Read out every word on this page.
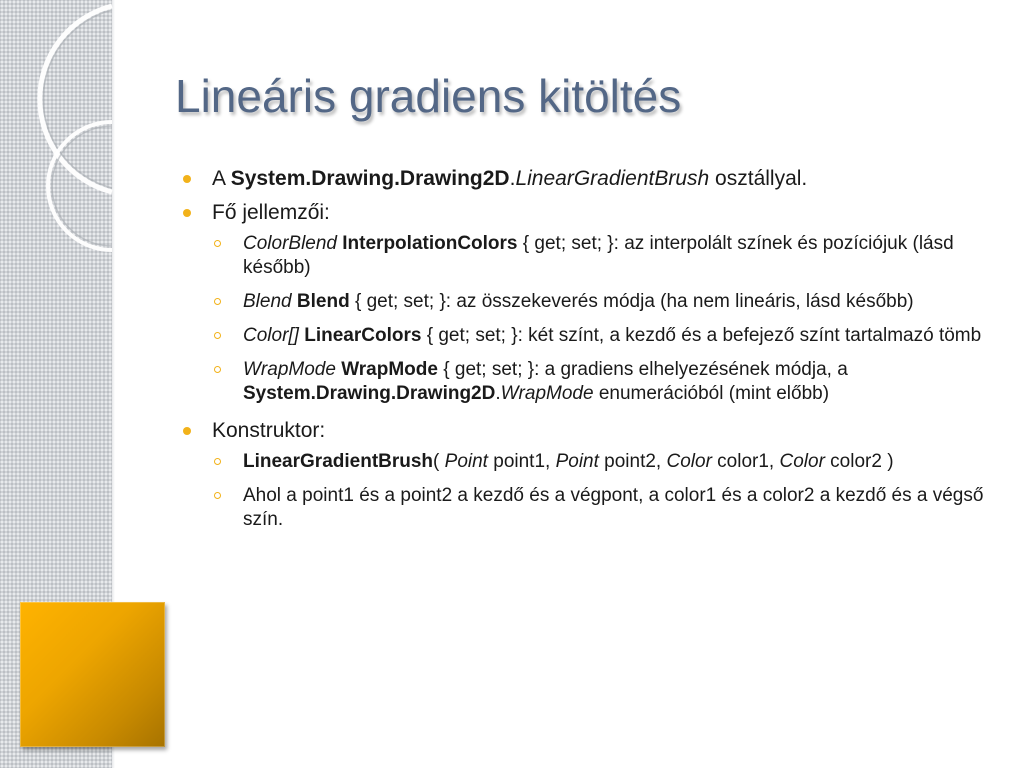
Lineáris gradiens kitöltés
A System.Drawing.Drawing2D.LinearGradientBrush osztállyal.
Fő jellemzői:
ColorBlend InterpolationColors { get; set; }: az interpolált színek és pozíciójuk (lásd később)
Blend Blend { get; set; }: az összekeverés módja (ha nem lineáris, lásd később)
Color[] LinearColors { get; set; }: két színt, a kezdő és a befejező színt tartalmazó tömb
WrapMode WrapMode { get; set; }: a gradiens elhelyezésének módja, a System.Drawing.Drawing2D.WrapMode enumerációból (mint előbb)
Konstruktor:
LinearGradientBrush( Point point1, Point point2, Color color1, Color color2 )
Ahol a point1 és a point2 a kezdő és a végpont, a color1 és a color2 a kezdő és a végső szín.
